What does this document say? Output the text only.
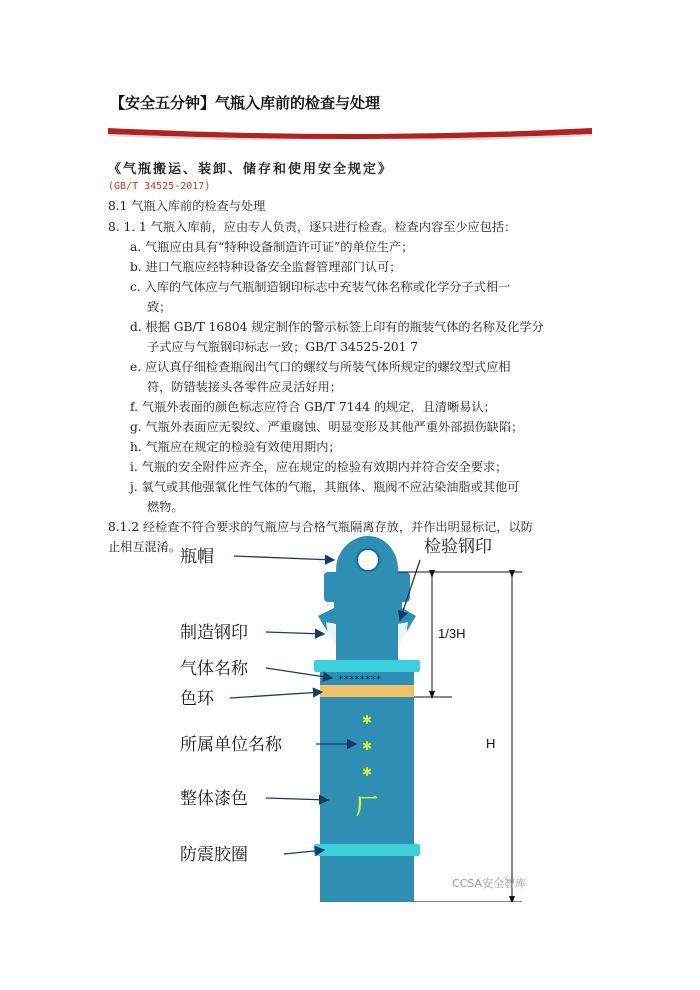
【安全五分钟】气瓶入库前的检查与处理
《气瓶搬运、装卸、储存和使用安全规定》
(GB/T 34525-2017)
8.1 气瓶入库前的检查与处理
8. 1. 1 气瓶入库前，应由专人负责，逐只进行检查。检查内容至少应包括：
a. 气瓶应由具有“特种设备制造许可证”的单位生产；
b. 进口气瓶应经特种设备安全监督管理部门认可；
c. 入库的气体应与气瓶制造钢印标志中充装气体名称或化学分子式相一
致；
d. 根据 GB/T 16804 规定制作的警示标签上印有的瓶装气体的名称及化学分
子式应与气瓶钢印标志一致；GB/T 34525-201 7
e. 应认真仔细检查瓶阀出气口的螺纹与所装气体所规定的螺纹型式应相
符，防错装接头各零件应灵活好用；
f. 气瓶外表面的颜色标志应符合 GB/T 7144 的规定，且清晰易认；
g. 气瓶外表面应无裂纹、严重腐蚀、明显变形及其他严重外部损伤缺陷；
h. 气瓶应在规定的检验有效使用期内；
i. 气瓶的安全附件应齐全，应在规定的检验有效期内并符合安全要求；
j. 氧气或其他强氧化性气体的气瓶，其瓶体、瓶阀不应沾染油脂或其他可
燃物。
8.1.2 经检查不符合要求的气瓶应与合格气瓶隔离存放，并作出明显标记，以防
止相互混淆。
********
✱
✱
✱
厂
瓶帽
制造钢印
气体名称
色环
所属单位名称
整体漆色
防震胶圈
检验钢印
1/3H
H
CCSA安全智库
